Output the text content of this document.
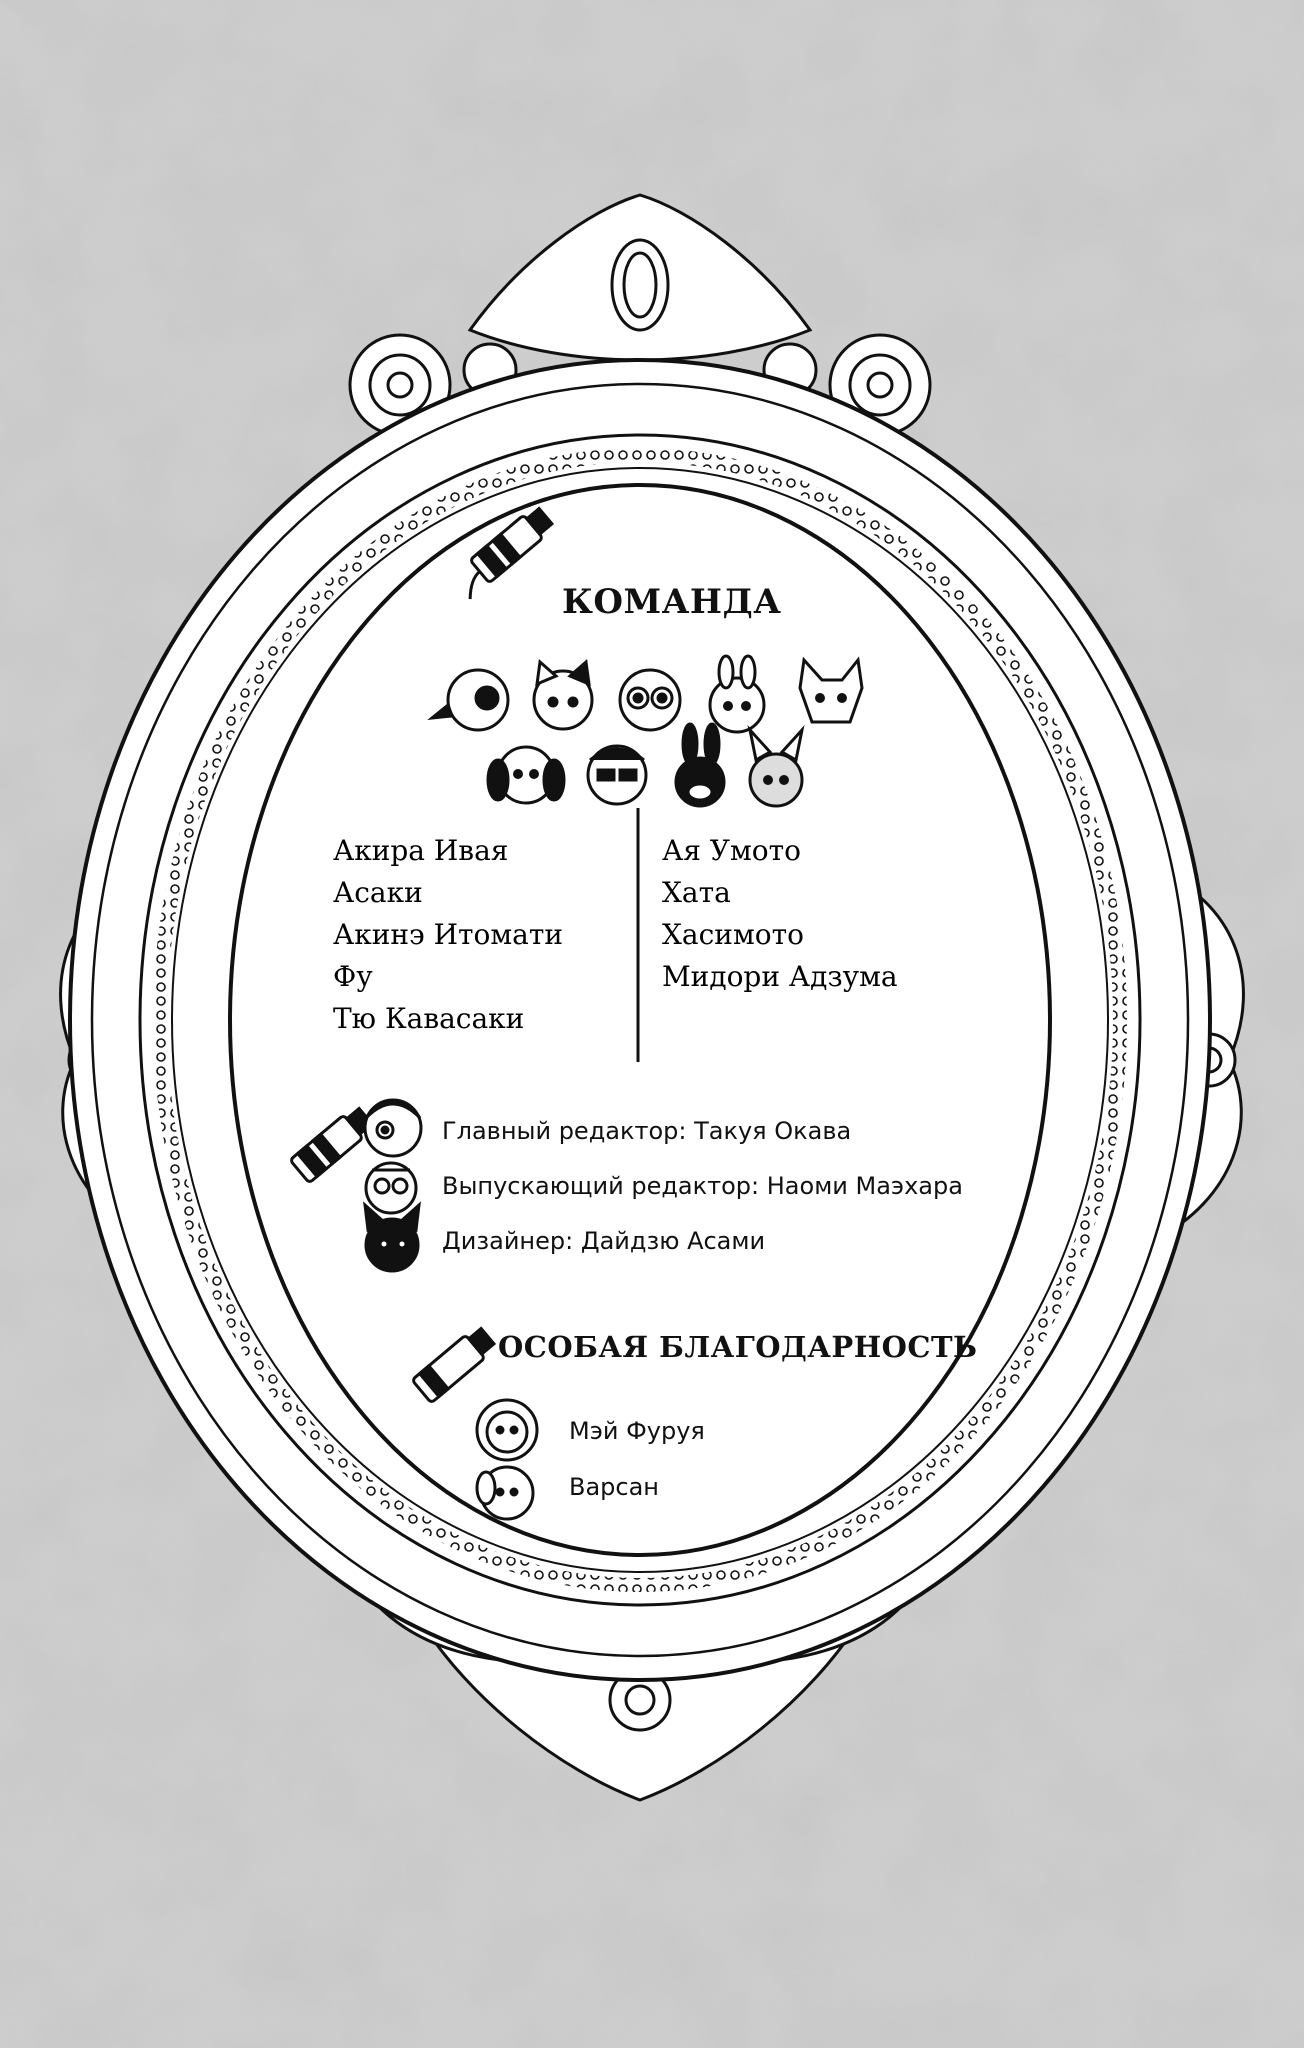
КОМАНДА
Акира Ивая
Асаки
Акинэ Итомати
Фу
Тю Кавасаки
Ая Умото
Хата
Хасимото
Мидори Адзума
Главный редактор: Такуя Окава
Выпускающий редактор: Наоми Маэхара
Дизайнер: Дайдзю Асами
ОСОБАЯ БЛАГОДАРНОСТЬ
Мэй Фуруя
Варсан
